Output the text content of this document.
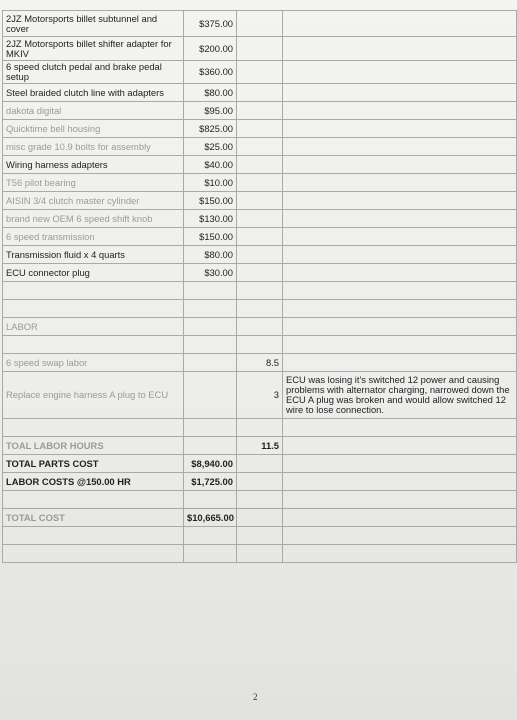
2JZ Motorsports billet subtunnel and cover	$375.00			
2JZ Motorsports billet shifter adapter for MKIV	$200.00			
6 speed clutch pedal and brake pedal setup	$360.00			
Steel braided clutch line with adapters	$80.00			
dakota digital	$95.00			
Quicktime bell housing	$825.00			
misc grade 10.9 bolts for assembly	$25.00			
Wiring harness adapters	$40.00			
T56 pilot bearing	$10.00			
AISIN 3/4 clutch master cylinder	$150.00			
brand new OEM 6 speed shift knob	$130.00			
6 speed transmission	$150.00			
Transmission fluid x 4 quarts	$80.00			
ECU connector plug	$30.00			

LABOR				

6 speed swap labor		8.5		
Replace engine harness A plug to ECU		3	ECU was losing it's switched 12 power and causing problems with alternator charging, narrowed down the ECU A plug was broken and would allow switched 12 wire to lose connection.	

TOAL LABOR HOURS		11.5		
TOTAL PARTS COST	$8,940.00			
LABOR COSTS @150.00 HR	$1,725.00			

TOTAL COST	$10,665.00			

2
